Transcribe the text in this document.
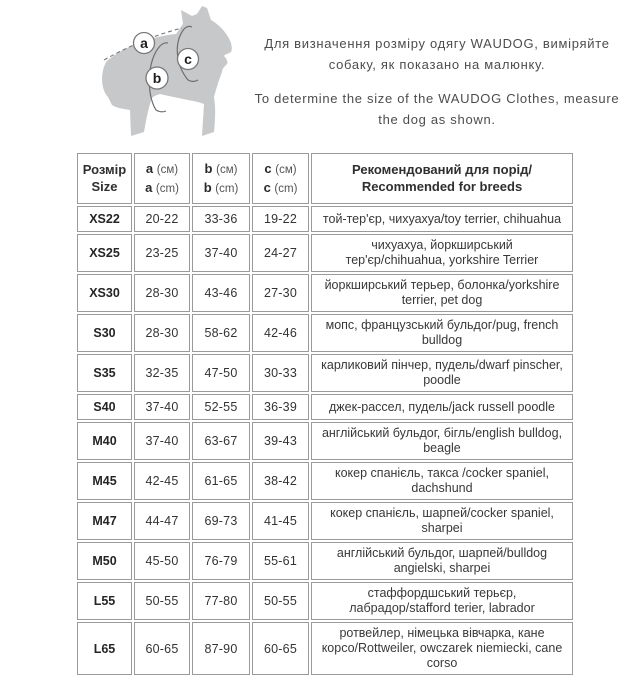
a
b
c

Для визначення розміру одягу WAUDOG, виміряйте собаку, як показано на малюнку.

To determine the size of the WAUDOG Clothes, measure the dog as shown.

Розмір
Size

a (см)
a (cm)

b (см)
b (cm)

c (см)
c (cm)

Рекомендований для порід/
Recommended for breeds

XS22	20-22	33-36	19-22	той-тер'єр, чихуахуа/toy terrier, chihuahua
XS25	23-25	37-40	24-27	чихуахуа, йоркширський тер'єр/chihuahua, yorkshire Terrier
XS30	28-30	43-46	27-30	йоркширський терьер, болонка/yorkshire terrier, pet dog
S30	28-30	58-62	42-46	мопс, французський бульдог/pug, french bulldog
S35	32-35	47-50	30-33	карликовий пінчер, пудель/dwarf pinscher, poodle
S40	37-40	52-55	36-39	джек-рассел, пудель/jack russell poodle
M40	37-40	63-67	39-43	англійський бульдог, бігль/english bulldog, beagle
M45	42-45	61-65	38-42	кокер спанієль, такса /cocker spaniel, dachshund
M47	44-47	69-73	41-45	кокер спанієль, шарпей/cocker spaniel, sharpei
M50	45-50	76-79	55-61	англійський бульдог, шарпей/bulldog angielski, sharpei
L55	50-55	77-80	50-55	стаффордшський терьєр, лабрадор/stafford terier, labrador
L65	60-65	87-90	60-65	ротвейлер, німецька вівчарка, кане корсо/Rottweiler, owczarek niemiecki, cane corso
